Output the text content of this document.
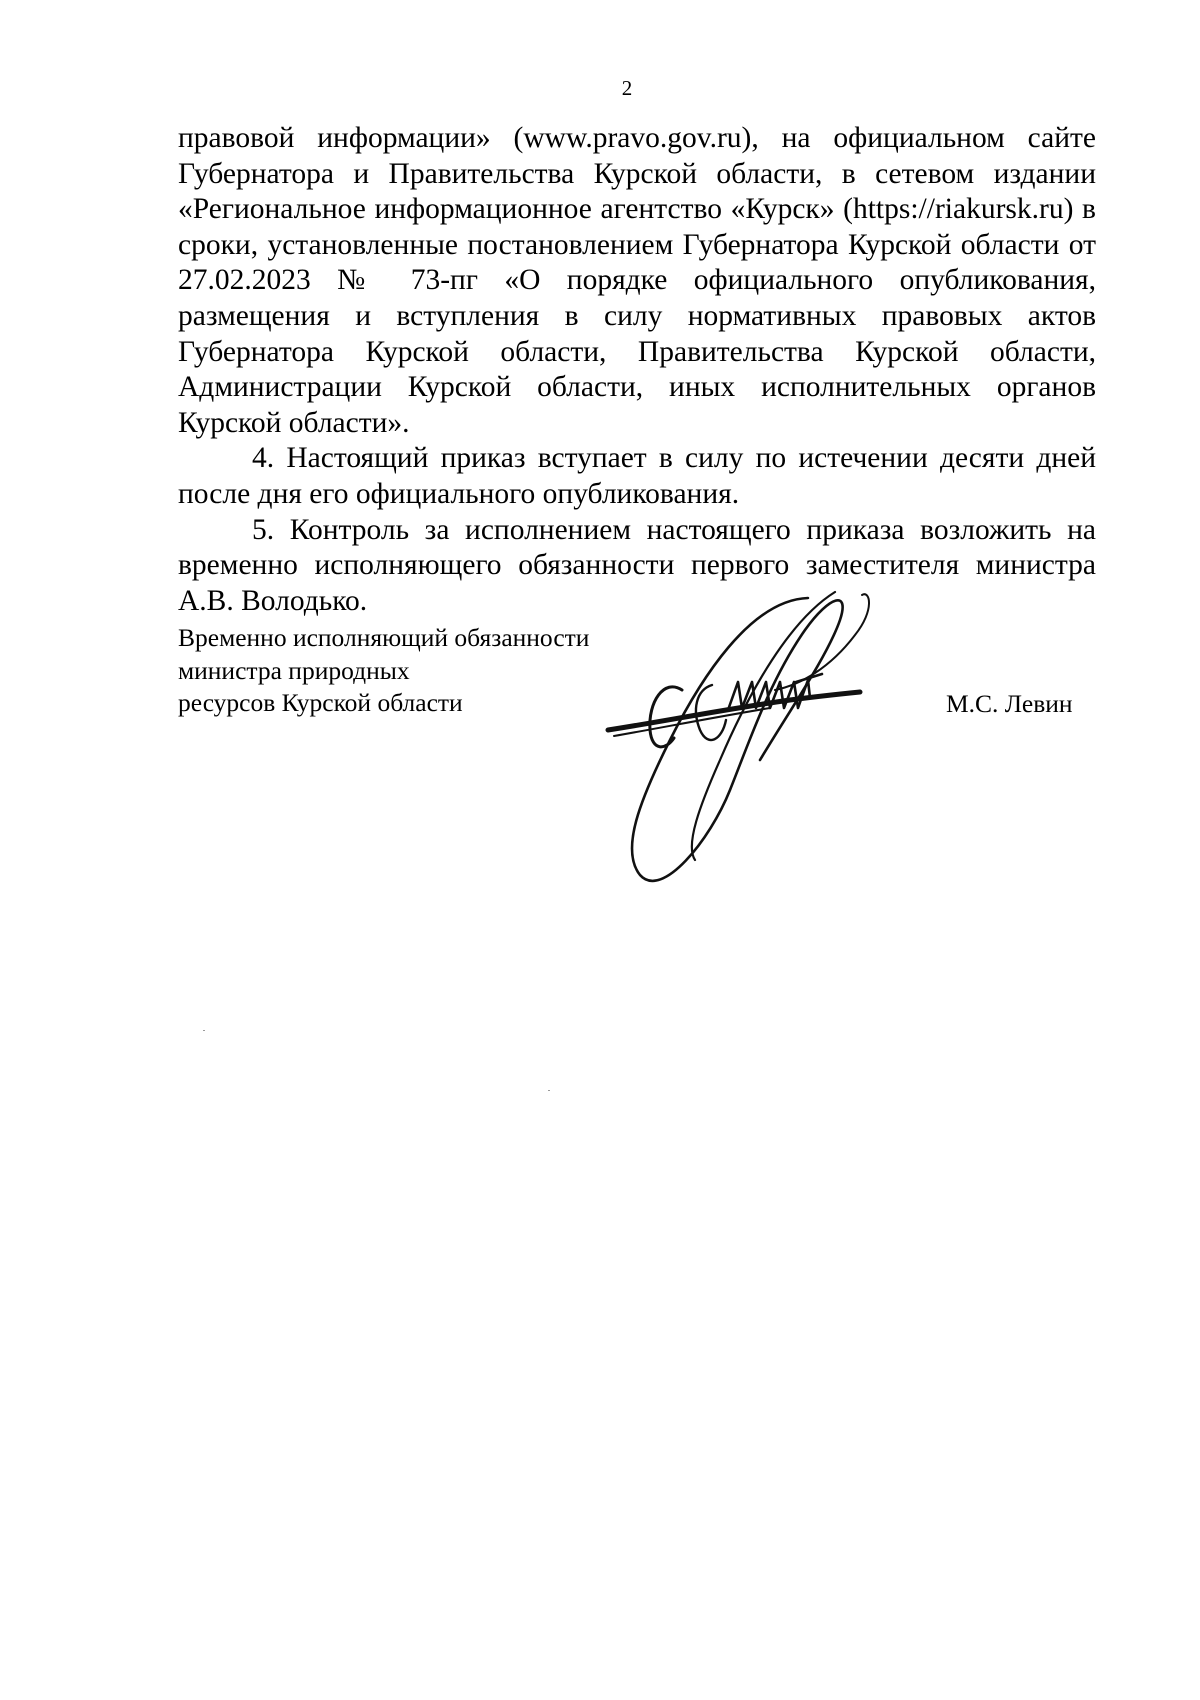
2

правовой информации» (www.pravo.gov.ru), на официальном сайте Губернатора и Правительства Курской области, в сетевом издании «Региональное информационное агентство «Курск» (https://riakursk.ru) в сроки, установленные постановлением Губернатора Курской области от 27.02.2023 № 73-пг «О порядке официального опубликования, размещения и вступления в силу нормативных правовых актов Губернатора Курской области, Правительства Курской области, Администрации Курской области, иных исполнительных органов Курской области».

4. Настоящий приказ вступает в силу по истечении десяти дней после дня его официального опубликования.

5. Контроль за исполнением настоящего приказа возложить на временно исполняющего обязанности первого заместителя министра А.В. Володько.

Временно исполняющий обязанности
министра природных
ресурсов Курской области	М.С. Левин
